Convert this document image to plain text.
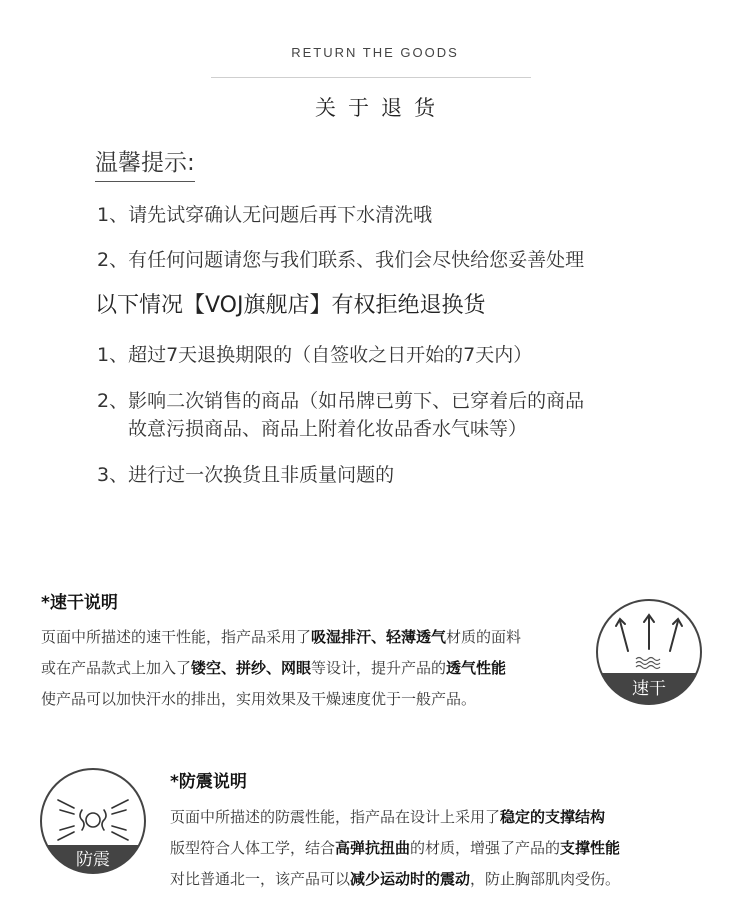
RETURN THE GOODS
关于退货
温馨提示:
1、请先试穿确认无问题后再下水清洗哦
2、有任何问题请您与我们联系、我们会尽快给您妥善处理
以下情况【VOJ旗舰店】有权拒绝退换货
1、超过7天退换期限的（自签收之日开始的7天内）
2、影响二次销售的商品（如吊牌已剪下、已穿着后的商品
故意污损商品、商品上附着化妆品香水气味等）
3、进行过一次换货且非质量问题的
*速干说明
页面中所描述的速干性能，指产品采用了吸湿排汗、轻薄透气材质的面料
或在产品款式上加入了镂空、拼纱、网眼等设计，提升产品的透气性能
使产品可以加快汗水的排出，实用效果及干燥速度优于一般产品。	速干
防震
*防震说明
页面中所描述的防震性能，指产品在设计上采用了稳定的支撑结构
版型符合人体工学，结合高弹抗扭曲的材质，增强了产品的支撑性能
对比普通北一，该产品可以减少运动时的震动，防止胸部肌肉受伤。
